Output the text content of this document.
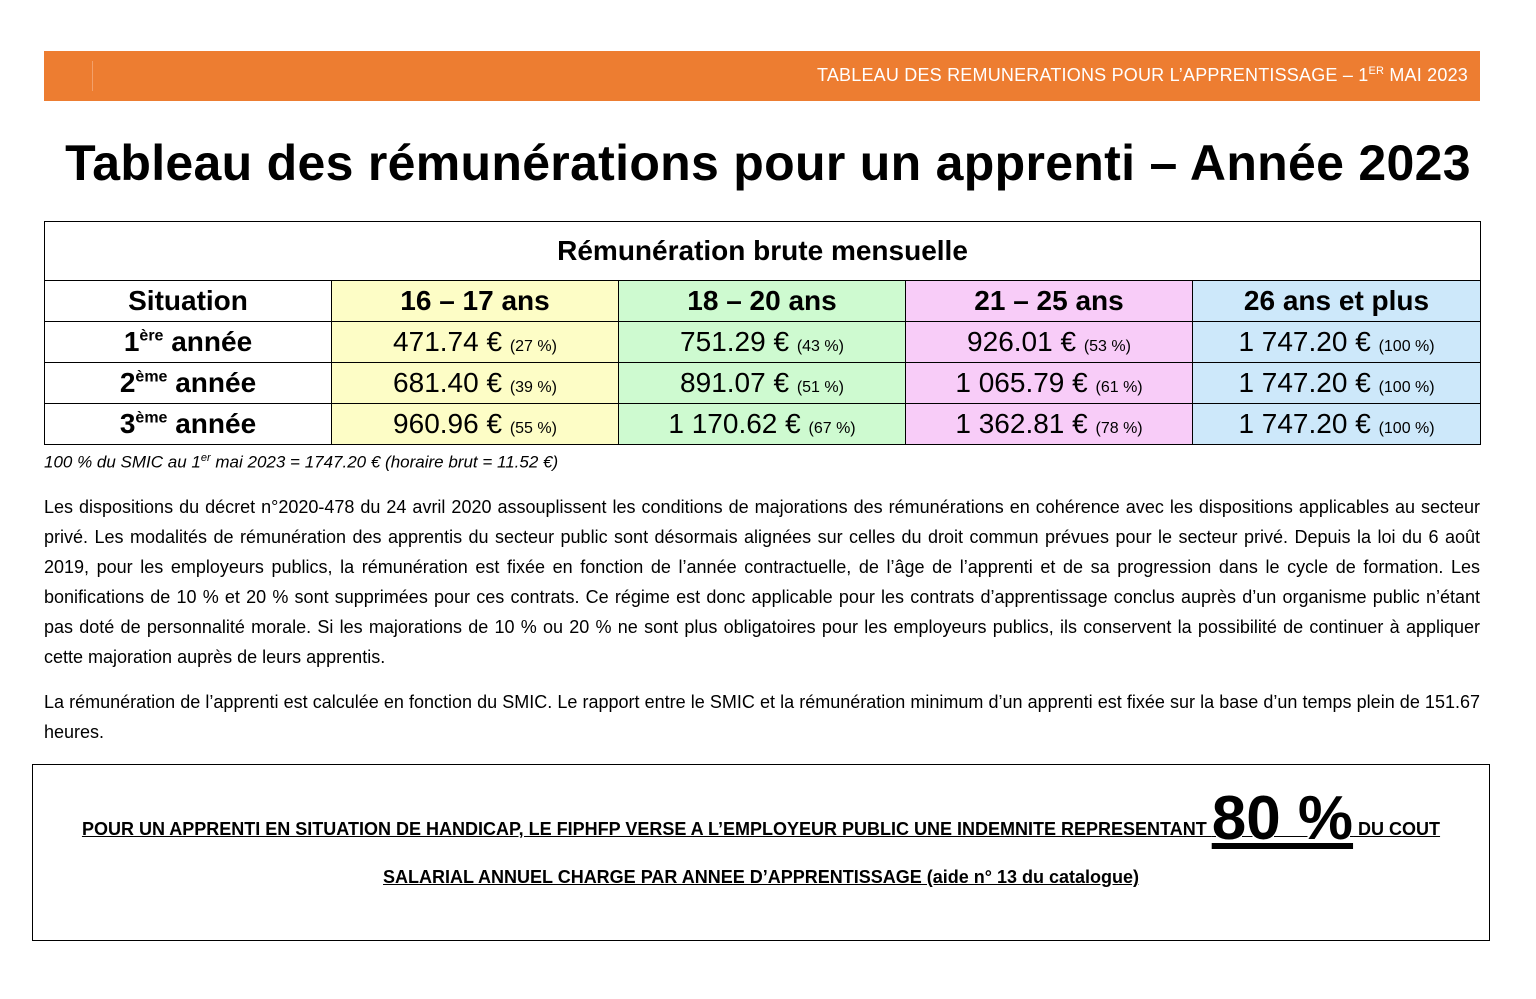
TABLEAU DES REMUNERATIONS POUR L’APPRENTISSAGE – 1ER MAI 2023
Tableau des rémunérations pour un apprenti – Année 2023
Rémunération brute mensuelle				
Situation	16 – 17 ans	18 – 20 ans	21 – 25 ans	26 ans et plus
1ère année	471.74 € (27 %)	751.29 € (43 %)	926.01 € (53 %)	1 747.20 € (100 %)
2ème année	681.40 € (39 %)	891.07 € (51 %)	1 065.79 € (61 %)	1 747.20 € (100 %)
3ème année	960.96 € (55 %)	1 170.62 € (67 %)	1 362.81 € (78 %)	1 747.20 € (100 %)
100 % du SMIC au 1er mai 2023 = 1747.20 € (horaire brut = 11.52 €)

Les dispositions du décret n°2020-478 du 24 avril 2020 assouplissent les conditions de majorations des rémunérations en cohérence avec les dispositions applicables au secteur privé. Les modalités de rémunération des apprentis du secteur public sont désormais alignées sur celles du droit commun prévues pour le secteur privé. Depuis la loi du 6 août 2019, pour les employeurs publics, la rémunération est fixée en fonction de l’année contractuelle, de l’âge de l’apprenti et de sa progression dans le cycle de formation. Les bonifications de 10 % et 20 % sont supprimées pour ces contrats. Ce régime est donc applicable pour les contrats d’apprentissage conclus auprès d’un organisme public n’étant pas doté de personnalité morale. Si les majorations de 10 % ou 20 % ne sont plus obligatoires pour les employeurs publics, ils conservent la possibilité de continuer à appliquer cette majoration auprès de leurs apprentis.

La rémunération de l’apprenti est calculée en fonction du SMIC. Le rapport entre le SMIC et la rémunération minimum d’un apprenti est fixée sur la base d’un temps plein de 151.67 heures.

POUR UN APPRENTI EN SITUATION DE HANDICAP, LE FIPHFP VERSE A L’EMPLOYEUR PUBLIC UNE INDEMNITE REPRESENTANT 80 % DU COUT
SALARIAL ANNUEL CHARGE PAR ANNEE D’APPRENTISSAGE (aide n° 13 du catalogue)
